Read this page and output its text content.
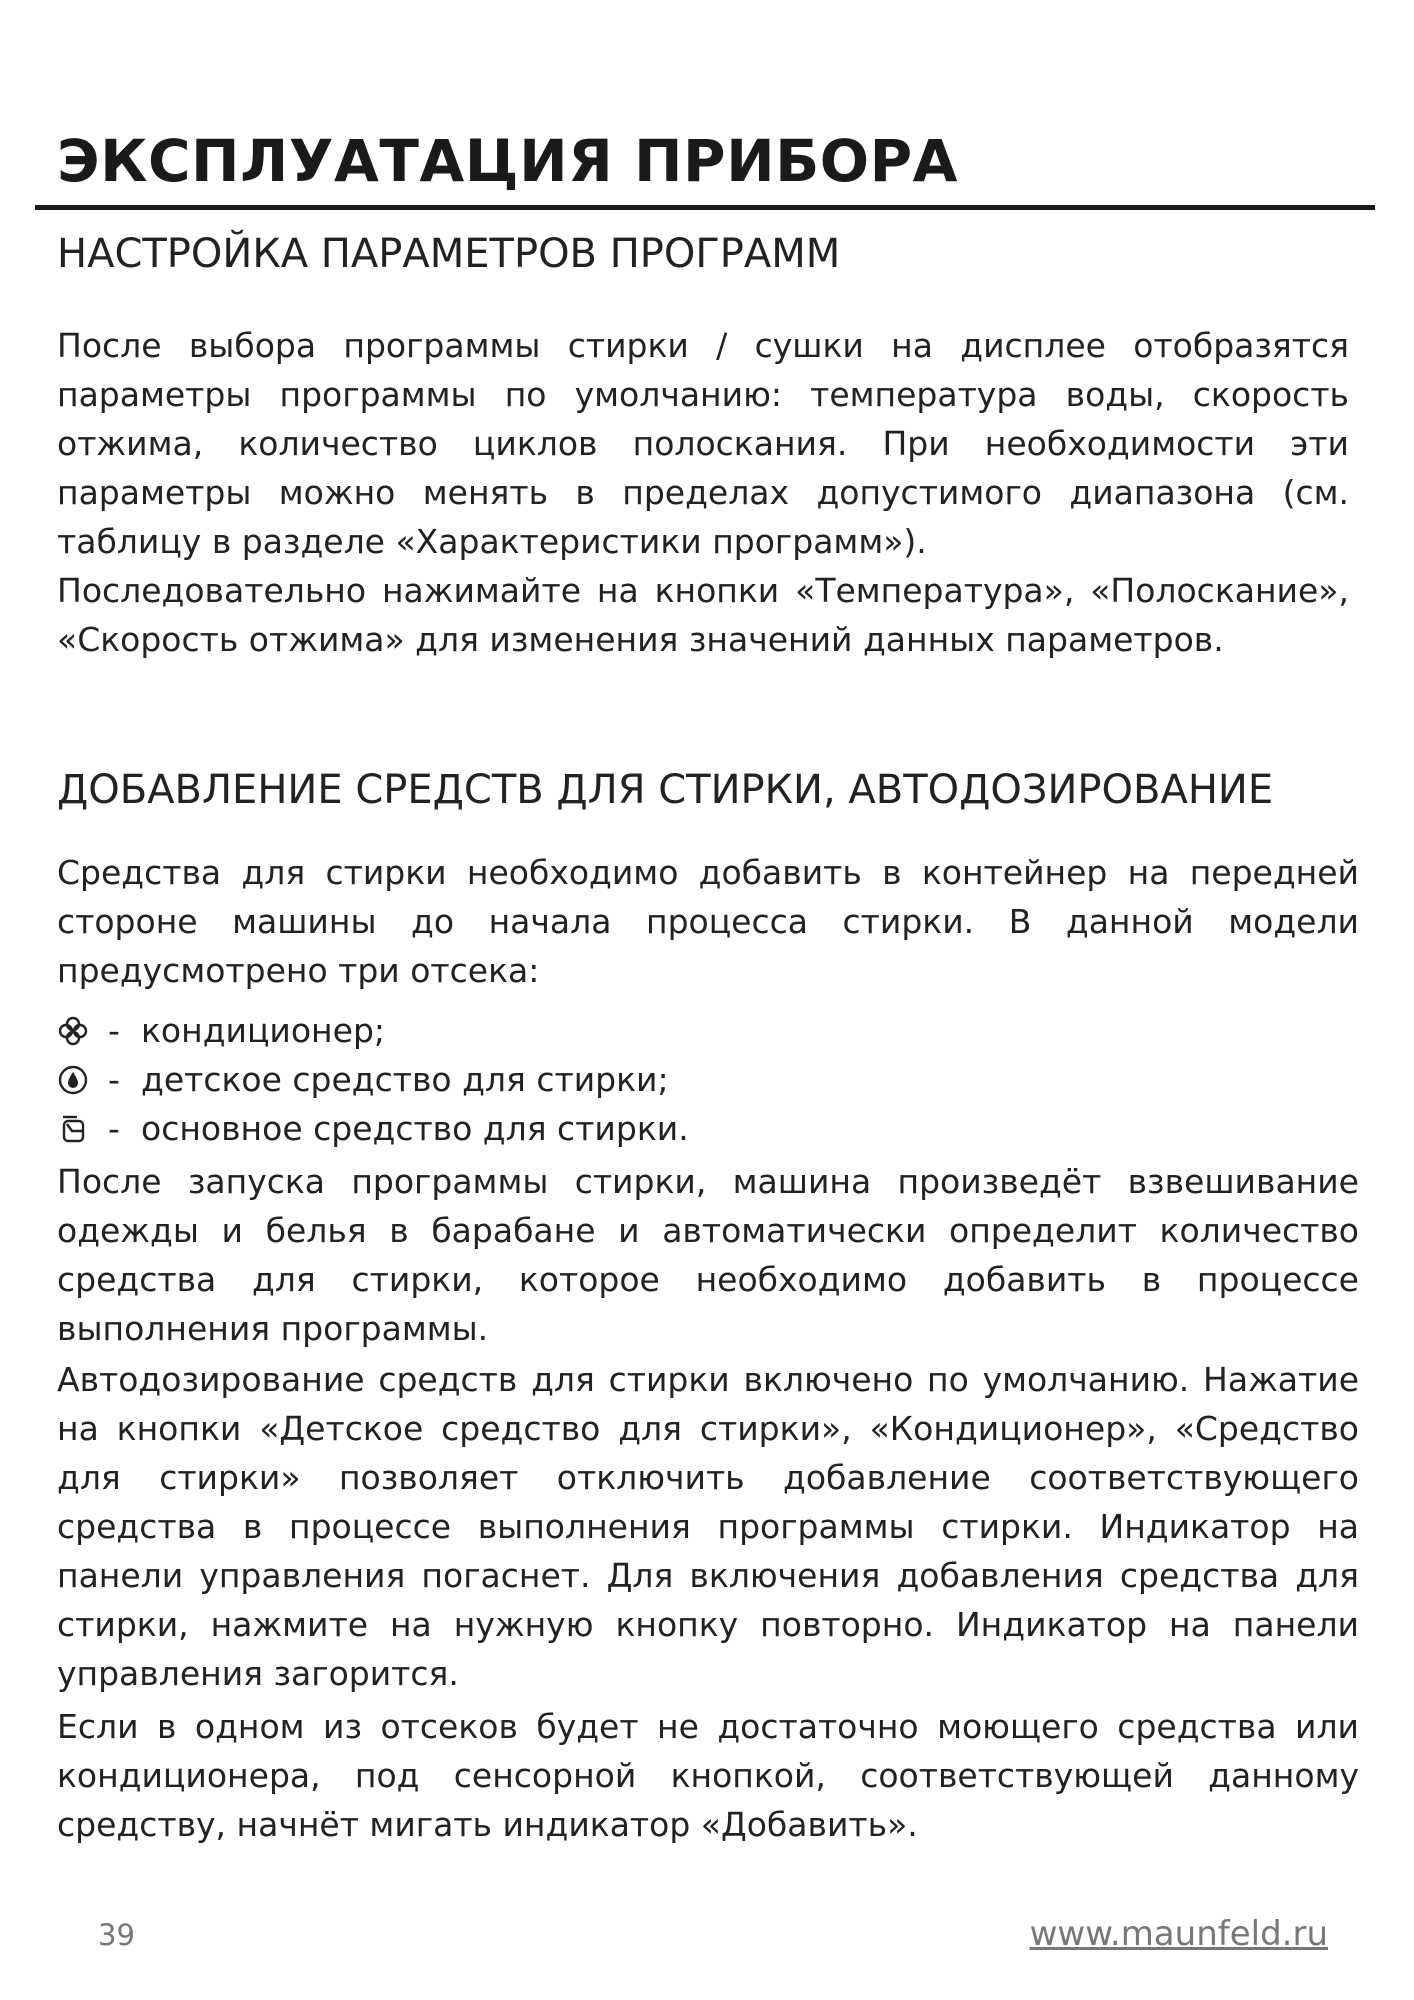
ЭКСПЛУАТАЦИЯ ПРИБОРА
НАСТРОЙКА ПАРАМЕТРОВ ПРОГРАММ

После выбора программы стирки / сушки на дисплее отобразятся параметры программы по умолчанию: температура воды, скорость отжима, количество циклов полоскания. При необходимости эти параметры можно менять в пределах допустимого диапазона (см. таблицу в разделе «Характеристики программ»).

Последовательно нажимайте на кнопки «Температура», «Полоскание», «Скорость отжима» для изменения значений данных параметров.

ДОБАВЛЕНИЕ СРЕДСТВ ДЛЯ СТИРКИ, АВТОДОЗИРОВАНИЕ

Средства для стирки необходимо добавить в контейнер на передней стороне машины до начала процесса стирки. В данной модели предусмотрено три отсека:

- кондиционер;
- детское средство для стирки;
- основное средство для стирки.

После запуска программы стирки, машина произведёт взвешивание одежды и белья в барабане и автоматически определит количество средства для стирки, которое необходимо добавить в процессе выполнения программы.

Автодозирование средств для стирки включено по умолчанию. Нажатие на кнопки «Детское средство для стирки», «Кондиционер», «Средство для стирки» позволяет отключить добавление соответствующего средства в процессе выполнения программы стирки. Индикатор на панели управления погаснет. Для включения добавления средства для стирки, нажмите на нужную кнопку повторно. Индикатор на панели управления загорится.

Если в одном из отсеков будет не достаточно моющего средства или кондиционера, под сенсорной кнопкой, соответствующей данному средству, начнёт мигать индикатор «Добавить».

39	www.maunfeld.ru
